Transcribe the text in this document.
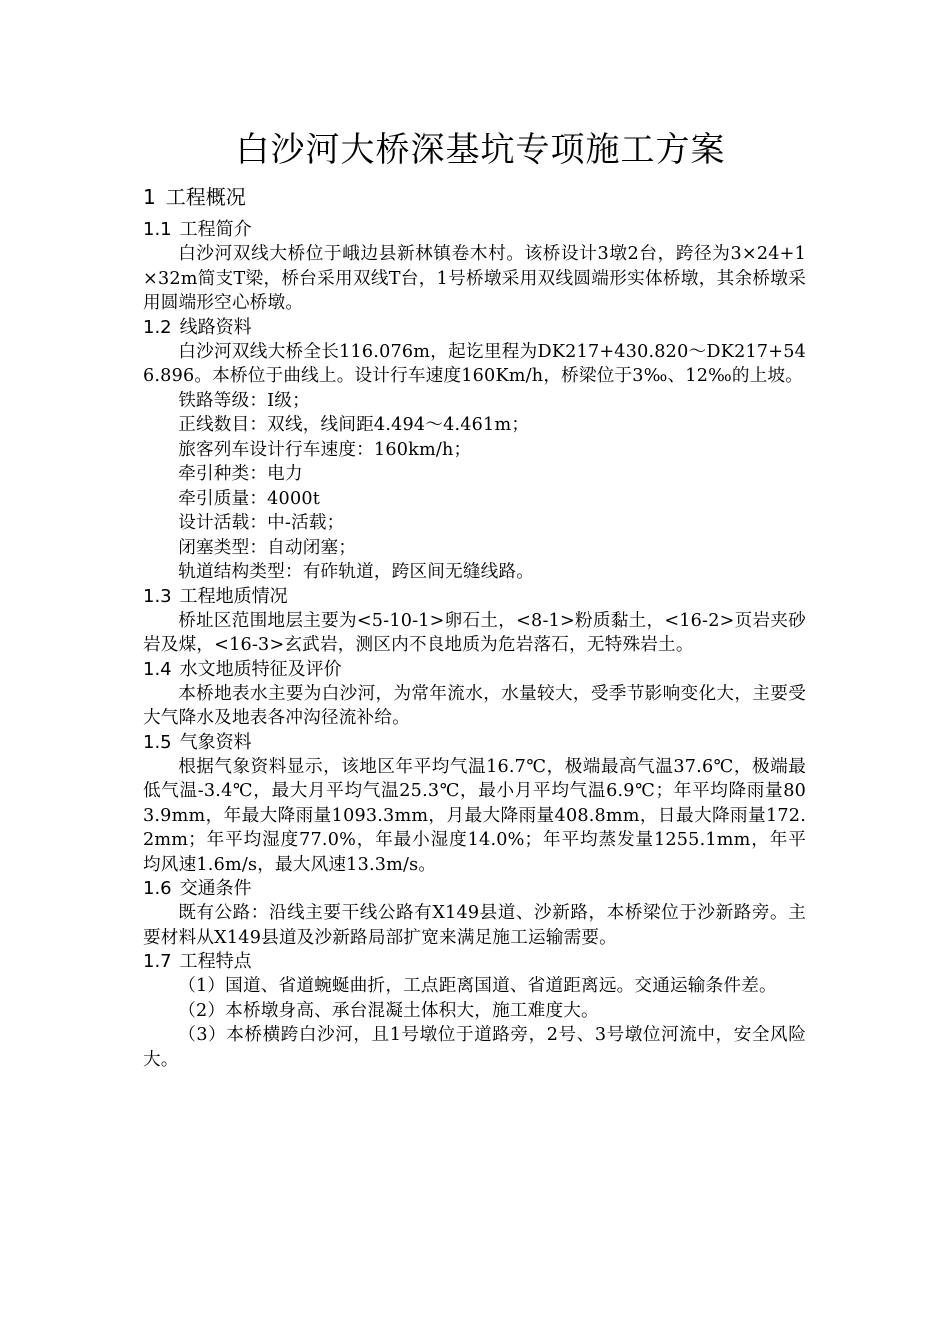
白沙河大桥深基坑专项施工方案
1 工程概况
1.1 工程简介

白沙河双线大桥位于峨边县新林镇卷木村。该桥设计3墩2台，跨径为3×24+1×32m简支T梁，桥台采用双线T台，1号桥墩采用双线圆端形实体桥墩，其余桥墩采用圆端形空心桥墩。

1.2 线路资料

白沙河双线大桥全长116.076m，起讫里程为DK217+430.820～DK217+546.896。本桥位于曲线上。设计行车速度160Km/h，桥梁位于3‰、12‰的上坡。

铁路等级：Ⅰ级；

正线数目：双线，线间距4.494～4.461m；

旅客列车设计行车速度：160km/h；

牵引种类：电力

牵引质量：4000t

设计活载：中-活载；

闭塞类型：自动闭塞；

轨道结构类型：有砟轨道，跨区间无缝线路。

1.3 工程地质情况

桥址区范围地层主要为<5-10-1>卵石土，<8-1>粉质黏土，<16-2>页岩夹砂岩及煤，<16-3>玄武岩，测区内不良地质为危岩落石，无特殊岩土。

1.4 水文地质特征及评价

本桥地表水主要为白沙河，为常年流水，水量较大，受季节影响变化大，主要受大气降水及地表各冲沟径流补给。

1.5 气象资料

根据气象资料显示，该地区年平均气温16.7℃，极端最高气温37.6℃，极端最低气温-3.4℃，最大月平均气温25.3℃，最小月平均气温6.9℃；年平均降雨量803.9mm，年最大降雨量1093.3mm，月最大降雨量408.8mm，日最大降雨量172.2mm；年平均湿度77.0%，年最小湿度14.0%；年平均蒸发量1255.1mm，年平均风速1.6m/s，最大风速13.3m/s。

1.6 交通条件

既有公路：沿线主要干线公路有X149县道、沙新路，本桥梁位于沙新路旁。主要材料从X149县道及沙新路局部扩宽来满足施工运输需要。

1.7 工程特点

（1）国道、省道蜿蜒曲折，工点距离国道、省道距离远。交通运输条件差。

（2）本桥墩身高、承台混凝土体积大，施工难度大。

（3）本桥横跨白沙河，且1号墩位于道路旁，2号、3号墩位河流中，安全风险大。
